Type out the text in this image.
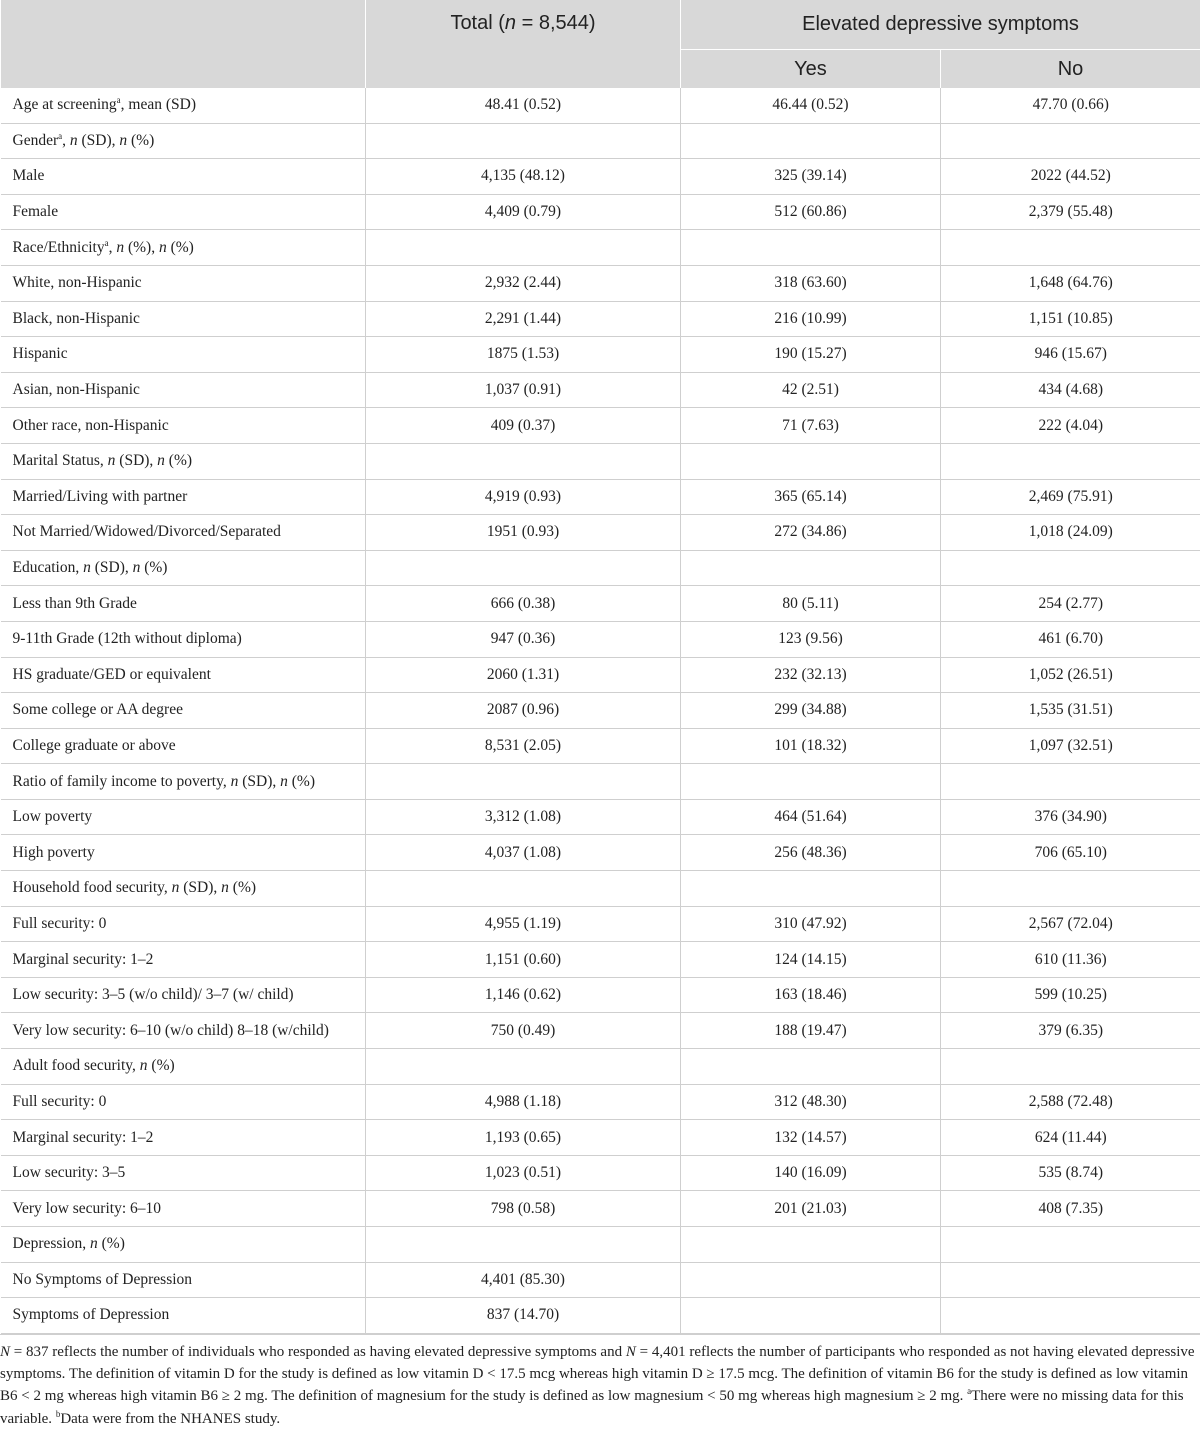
	Total (n = 8,544)	Elevated depressive symptoms	
		Yes	No
Age at screening$^a$, mean (SD)	48.41 (0.52)	46.44 (0.52)	47.70 (0.66)
Gender$^a$, n (SD), n (%)			
Male	4,135 (48.12)	325 (39.14)	2022 (44.52)
Female	4,409 (0.79)	512 (60.86)	2,379 (55.48)
Race/Ethnicity$^a$, n (%), n (%)			
White, non-Hispanic	2,932 (2.44)	318 (63.60)	1,648 (64.76)
Black, non-Hispanic	2,291 (1.44)	216 (10.99)	1,151 (10.85)
Hispanic	1875 (1.53)	190 (15.27)	946 (15.67)
Asian, non-Hispanic	1,037 (0.91)	42 (2.51)	434 (4.68)
Other race, non-Hispanic	409 (0.37)	71 (7.63)	222 (4.04)
Marital Status, n (SD), n (%)			
Married/Living with partner	4,919 (0.93)	365 (65.14)	2,469 (75.91)
Not Married/Widowed/Divorced/Separated	1951 (0.93)	272 (34.86)	1,018 (24.09)
Education, n (SD), n (%)			
Less than 9th Grade	666 (0.38)	80 (5.11)	254 (2.77)
9-11th Grade (12th without diploma)	947 (0.36)	123 (9.56)	461 (6.70)
HS graduate/GED or equivalent	2060 (1.31)	232 (32.13)	1,052 (26.51)
Some college or AA degree	2087 (0.96)	299 (34.88)	1,535 (31.51)
College graduate or above	8,531 (2.05)	101 (18.32)	1,097 (32.51)
Ratio of family income to poverty, n (SD), n (%)			
Low poverty	3,312 (1.08)	464 (51.64)	376 (34.90)
High poverty	4,037 (1.08)	256 (48.36)	706 (65.10)
Household food security, n (SD), n (%)			
Full security: 0	4,955 (1.19)	310 (47.92)	2,567 (72.04)
Marginal security: 1–2	1,151 (0.60)	124 (14.15)	610 (11.36)
Low security: 3–5 (w/o child)/ 3–7 (w/ child)	1,146 (0.62)	163 (18.46)	599 (10.25)
Very low security: 6–10 (w/o child) 8–18 (w/child)	750 (0.49)	188 (19.47)	379 (6.35)
Adult food security, n (%)			
Full security: 0	4,988 (1.18)	312 (48.30)	2,588 (72.48)
Marginal security: 1–2	1,193 (0.65)	132 (14.57)	624 (11.44)
Low security: 3–5	1,023 (0.51)	140 (16.09)	535 (8.74)
Very low security: 6–10	798 (0.58)	201 (21.03)	408 (7.35)
Depression, n (%)			
No Symptoms of Depression	4,401 (85.30)		
Symptoms of Depression	837 (14.70)		
N = 837 reflects the number of individuals who responded as having elevated depressive symptoms and N = 4,401 reflects the number of participants who responded as not having elevated depressive symptoms. The definition of vitamin D for the study is defined as low vitamin D < 17.5 mcg whereas high vitamin D ≥ 17.5 mcg. The definition of vitamin B6 for the study is defined as low vitamin B6 < 2 mg whereas high vitamin B6 ≥ 2 mg. The definition of magnesium for the study is defined as low magnesium < 50 mg whereas high magnesium ≥ 2 mg. $^a$There were no missing data for this variable. $^b$Data were from the NHANES study.
